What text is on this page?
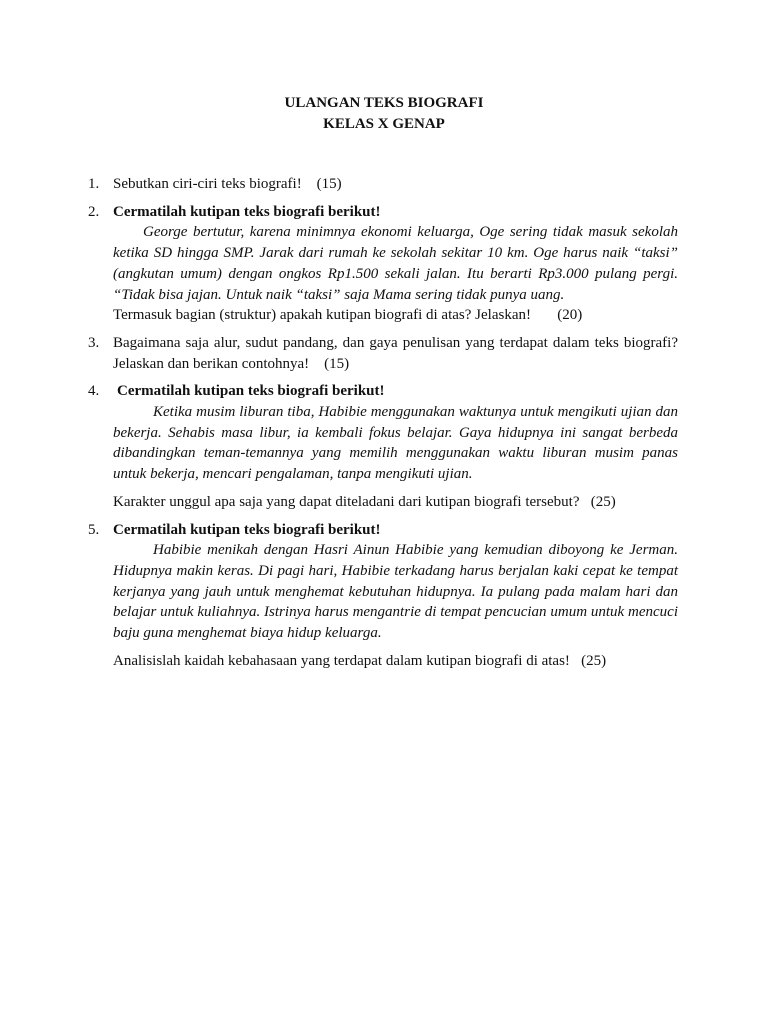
ULANGAN TEKS BIOGRAFI
KELAS X GENAP
1. Sebutkan ciri-ciri teks biografi!    (15)
2. Cermatilah kutipan teks biografi berikut!
George bertutur, karena minimnya ekonomi keluarga, Oge sering tidak masuk sekolah ketika SD hingga SMP. Jarak dari rumah ke sekolah sekitar 10 km. Oge harus naik “taksi” (angkutan umum) dengan ongkos Rp1.500 sekali jalan. Itu berarti Rp3.000 pulang pergi. “Tidak bisa jajan. Untuk naik “taksi” saja Mama sering tidak punya uang.
Termasuk bagian (struktur) apakah kutipan biografi di atas? Jelaskan!       (20)
3. Bagaimana saja alur, sudut pandang, dan gaya penulisan yang terdapat dalam teks biografi? Jelaskan dan berikan contohnya!    (15)
4. Cermatilah kutipan teks biografi berikut!
Ketika musim liburan tiba, Habibie menggunakan waktunya untuk mengikuti ujian dan bekerja. Sehabis masa libur, ia kembali fokus belajar. Gaya hidupnya ini sangat berbeda dibandingkan teman-temannya yang memilih menggunakan waktu liburan musim panas untuk bekerja, mencari pengalaman, tanpa mengikuti ujian.
Karakter unggul apa saja yang dapat diteladani dari kutipan biografi tersebut?   (25)
5. Cermatilah kutipan teks biografi berikut!
Habibie menikah dengan Hasri Ainun Habibie yang kemudian diboyong ke Jerman. Hidupnya makin keras. Di pagi hari, Habibie terkadang harus berjalan kaki cepat ke tempat kerjanya yang jauh untuk menghemat kebutuhan hidupnya. Ia pulang pada malam hari dan belajar untuk kuliahnya. Istrinya harus mengantrie di tempat pencucian umum untuk mencuci baju guna menghemat biaya hidup keluarga.
Analisislah kaidah kebahasaan yang terdapat dalam kutipan biografi di atas!   (25)
